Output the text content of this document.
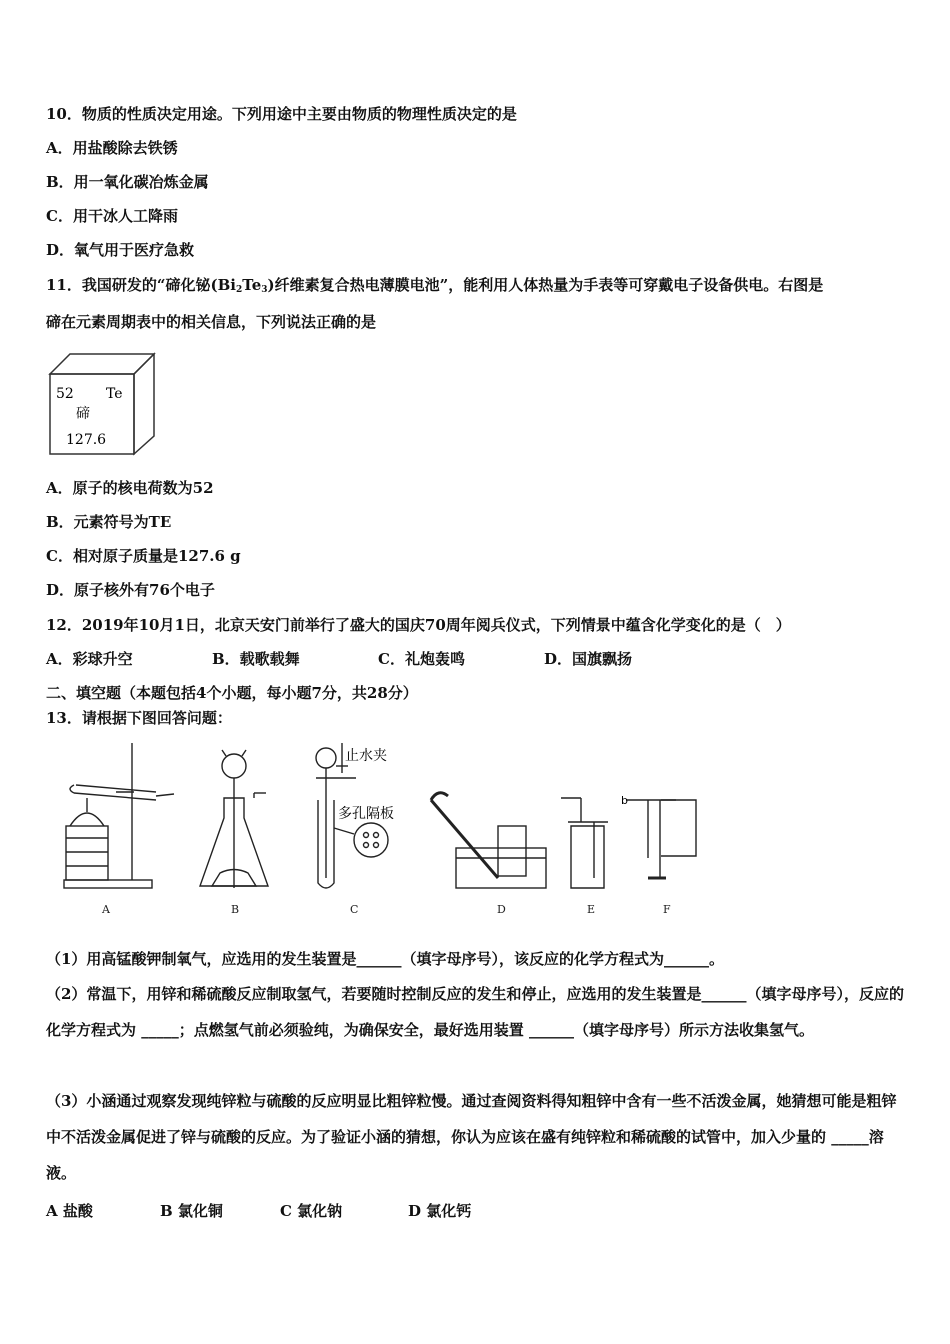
10．物质的性质决定用途。下列用途中主要由物质的物理性质决定的是
A．用盐酸除去铁锈
B．用一氧化碳冶炼金属
C．用干冰人工降雨
D．氧气用于医疗急救
11．我国研发的“碲化铋$(Bi_2Te_3)$纤维素复合热电薄膜电池”，能利用人体热量为手表等可穿戴电子设备供电。右图是
碲在元素周期表中的相关信息，下列说法正确的是
52 Te
碲
127.6
A．原子的核电荷数为52
B．元素符号为TE
C．相对原子质量是127.6 g
D．原子核外有76个电子
12．2019年10月1日，北京天安门前举行了盛大的国庆70周年阅兵仪式，下列情景中蕴含化学变化的是（　）
A．彩球升空	B．载歌载舞	C．礼炮轰鸣	D．国旗飘扬
二、填空题（本题包括4个小题，每小题7分，共28分）
13．请根据下图回答问题：
止水夹
多孔隔板
b
A	B	C	D	E	F
（1）用高锰酸钾制氧气，应选用的发生装置是______（填字母序号），该反应的化学方程式为______。
（2）常温下，用锌和稀硫酸反应制取氢气，若要随时控制反应的发生和停止，应选用的发生装置是______（填字母序号），反应的化学方程式为 _____；点燃氢气前必须验纯，为确保安全，最好选用装置 ______（填字母序号）所示方法收集氢气。
（3）小涵通过观察发现纯锌粒与硫酸的反应明显比粗锌粒慢。通过查阅资料得知粗锌中含有一些不活泼金属，她猜想可能是粗锌中不活泼金属促进了锌与硫酸的反应。为了验证小涵的猜想，你认为应该在盛有纯锌粒和稀硫酸的试管中，加入少量的 _____溶液。
A 盐酸	B 氯化铜	C 氯化钠	D 氯化钙
